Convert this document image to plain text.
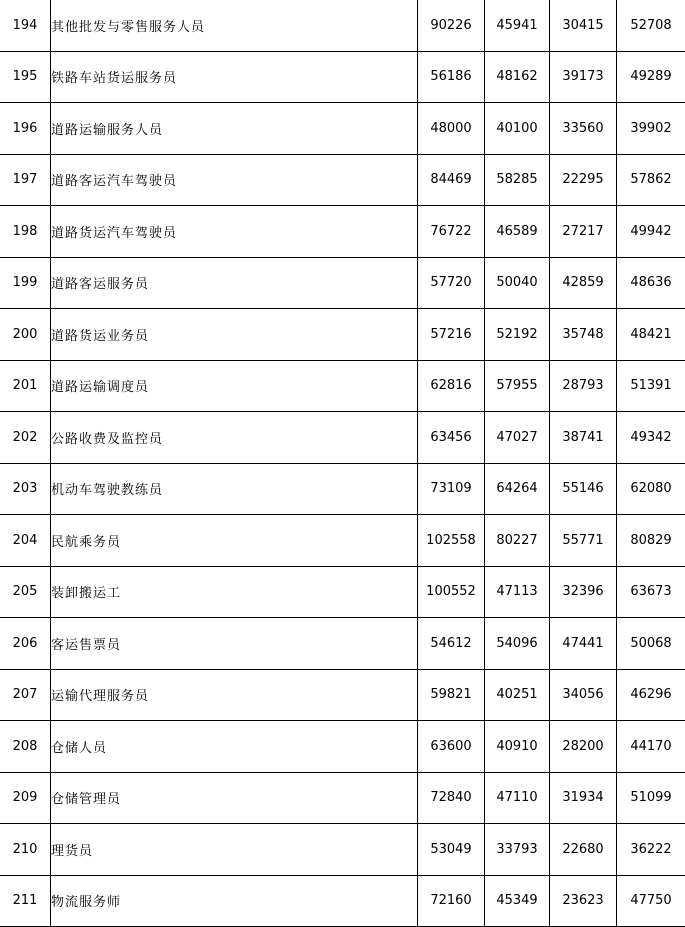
194	其他批发与零售服务人员	90226	45941	30415	52708
195	铁路车站货运服务员	56186	48162	39173	49289
196	道路运输服务人员	48000	40100	33560	39902
197	道路客运汽车驾驶员	84469	58285	22295	57862
198	道路货运汽车驾驶员	76722	46589	27217	49942
199	道路客运服务员	57720	50040	42859	48636
200	道路货运业务员	57216	52192	35748	48421
201	道路运输调度员	62816	57955	28793	51391
202	公路收费及监控员	63456	47027	38741	49342
203	机动车驾驶教练员	73109	64264	55146	62080
204	民航乘务员	102558	80227	55771	80829
205	装卸搬运工	100552	47113	32396	63673
206	客运售票员	54612	54096	47441	50068
207	运输代理服务员	59821	40251	34056	46296
208	仓储人员	63600	40910	28200	44170
209	仓储管理员	72840	47110	31934	51099
210	理货员	53049	33793	22680	36222
211	物流服务师	72160	45349	23623	47750
